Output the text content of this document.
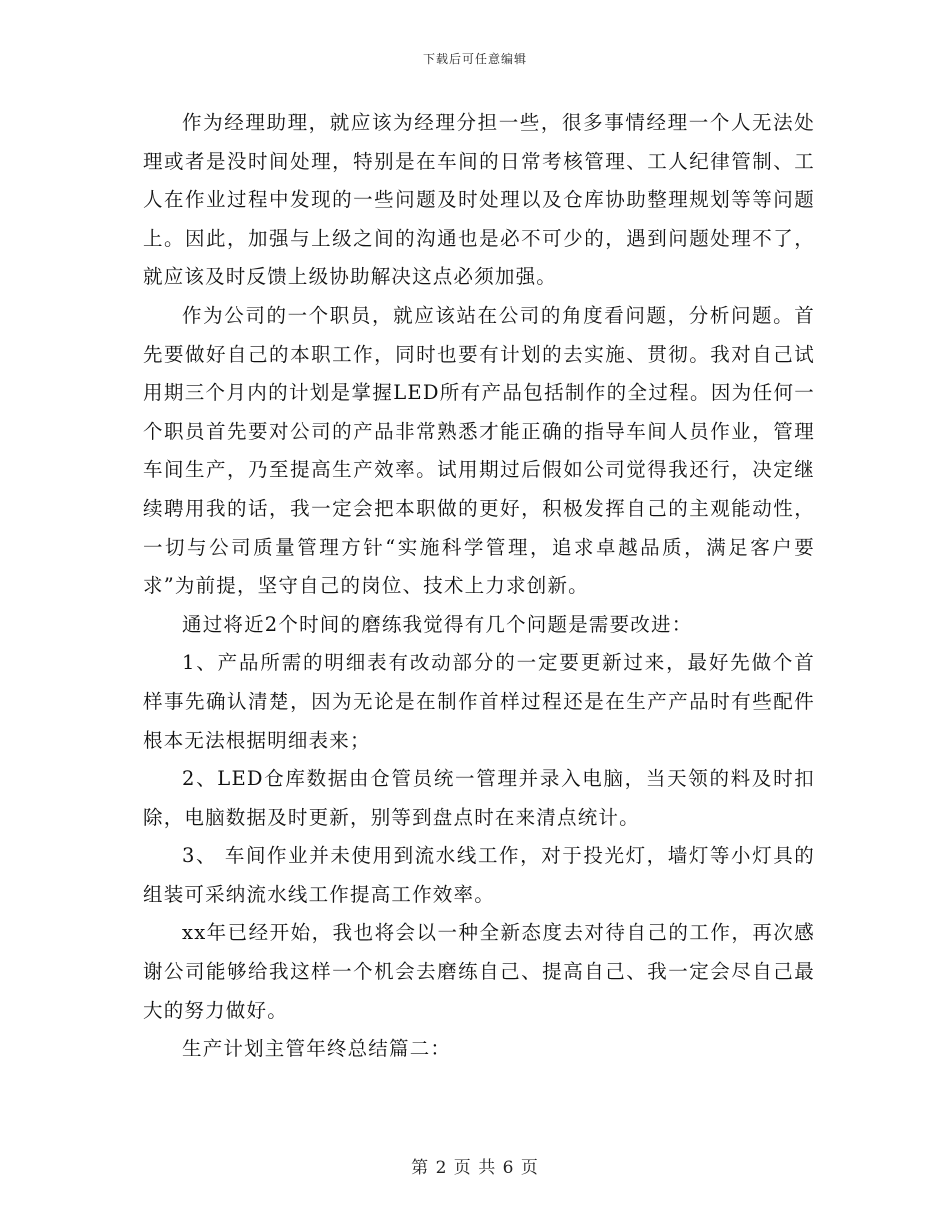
下载后可任意编辑

作为经理助理，就应该为经理分担一些，很多事情经理一个人无法处理或者是没时间处理，特别是在车间的日常考核管理、工人纪律管制、工人在作业过程中发现的一些问题及时处理以及仓库协助整理规划等等问题上。因此，加强与上级之间的沟通也是必不可少的，遇到问题处理不了，就应该及时反馈上级协助解决这点必须加强。

作为公司的一个职员，就应该站在公司的角度看问题，分析问题。首先要做好自己的本职工作，同时也要有计划的去实施、贯彻。我对自己试用期三个月内的计划是掌握LED所有产品包括制作的全过程。因为任何一个职员首先要对公司的产品非常熟悉才能正确的指导车间人员作业，管理车间生产，乃至提高生产效率。试用期过后假如公司觉得我还行，决定继续聘用我的话，我一定会把本职做的更好，积极发挥自己的主观能动性，一切与公司质量管理方针“实施科学管理，追求卓越品质，满足客户要求”为前提，坚守自己的岗位、技术上力求创新。

通过将近2个时间的磨练我觉得有几个问题是需要改进：

1、产品所需的明细表有改动部分的一定要更新过来，最好先做个首样事先确认清楚，因为无论是在制作首样过程还是在生产产品时有些配件根本无法根据明细表来；

2、LED仓库数据由仓管员统一管理并录入电脑，当天领的料及时扣除，电脑数据及时更新，别等到盘点时在来清点统计。

3、 车间作业并未使用到流水线工作，对于投光灯，墙灯等小灯具的组装可采纳流水线工作提高工作效率。

xx年已经开始，我也将会以一种全新态度去对待自己的工作，再次感谢公司能够给我这样一个机会去磨练自己、提高自己、我一定会尽自己最大的努力做好。

生产计划主管年终总结篇二：

第 2 页 共 6 页
